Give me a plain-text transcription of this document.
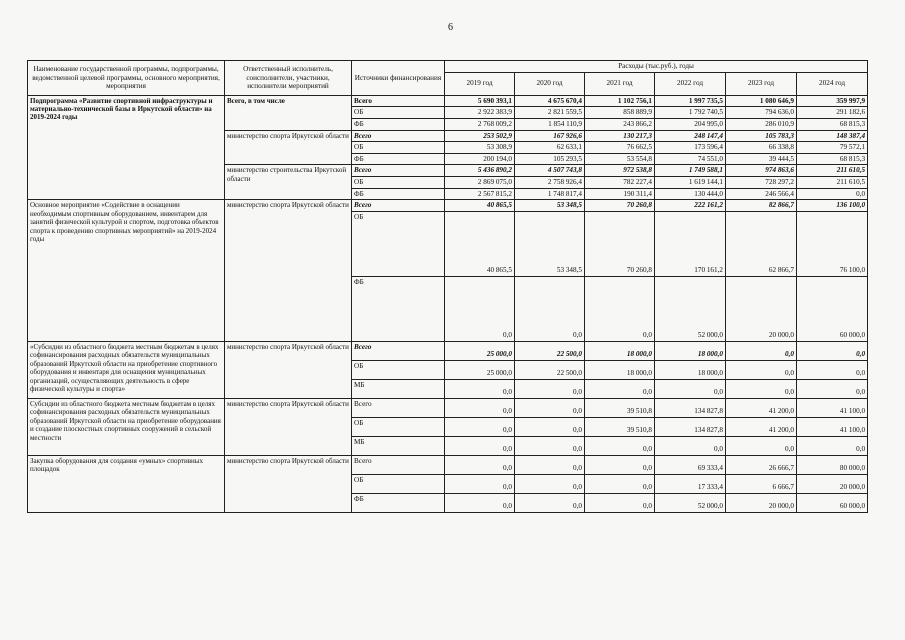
6
Наименование государственной программы, подпрограммы, ведомственной целевой программы, основного мероприятия, мероприятия	Ответственный исполнитель, соисполнители, участники, исполнители мероприятий	Источники финансирования	Расходы (тыс.руб.), годы					
			2019 год	2020 год	2021 год	2022 год	2023 год	2024 год
Подпрограмма «Развитие спортивной инфраструктуры и материально-технической базы в Иркутской области» на 2019-2024 годы	Всего, в том числе	Всего	5 690 393,1	4 675 670,4	1 102 756,1	1 997 735,5	1 080 646,9	359 997,9
		ОБ	2 922 383,9	2 821 559,5	858 889,9	1 792 740,5	794 636,0	291 182,6
		ФБ	2 768 009,2	1 854 110,9	243 866,2	204 995,0	286 010,9	68 815,3
	министерство спорта Иркутской области	Всего	253 502,9	167 926,6	130 217,3	248 147,4	105 783,3	148 387,4
		ОБ	53 308,9	62 633,1	76 662,5	173 596,4	66 338,8	79 572,1
		ФБ	200 194,0	105 293,5	53 554,8	74 551,0	39 444,5	68 815,3
	министерство строительства Иркутской области	Всего	5 436 890,2	4 507 743,8	972 538,8	1 749 588,1	974 863,6	211 610,5
		ОБ	2 869 075,0	2 758 926,4	782 227,4	1 619 144,1	728 297,2	211 610,5
		ФБ	2 567 815,2	1 748 817,4	190 311,4	130 444,0	246 566,4	0,0
Основное мероприятие «Содействие в оснащении необходимым спортивным оборудованием, инвентарем для занятий физической культурой и спортом, подготовка объектов спорта к проведению спортивных мероприятий» на 2019-2024 годы	министерство спорта Иркутской области	Всего	40 865,5	53 348,5	70 260,8	222 161,2	82 866,7	136 100,0
		ОБ	40 865,5	53 348,5	70 260,8	170 161,2	62 866,7	76 100,0
		ФБ	0,0	0,0	0,0	52 000,0	20 000,0	60 000,0
«Субсидии из областного бюджета местным бюджетам в целях софинансирования расходных обязательств муниципальных образований Иркутской области на приобретение спортивного оборудования и инвентаря для оснащения муниципальных организаций, осуществляющих деятельность в сфере физической культуры и спорта»	министерство спорта Иркутской области	Всего	25 000,0	22 500,0	18 000,0	18 000,0	0,0	0,0
		ОБ	25 000,0	22 500,0	18 000,0	18 000,0	0,0	0,0
		МБ	0,0	0,0	0,0	0,0	0,0	0,0
Субсидии из областного бюджета местным бюджетам в целях софинансирования расходных обязательств муниципальных образований Иркутской области на приобретение оборудования и создание плоскостных спортивных сооружений в сельской местности	министерство спорта Иркутской области	Всего	0,0	0,0	39 510,8	134 827,8	41 200,0	41 100,0
		ОБ	0,0	0,0	39 510,8	134 827,8	41 200,0	41 100,0
		МБ	0,0	0,0	0,0	0,0	0,0	0,0
Закупка оборудования для создания «умных» спортивных площадок	министерство спорта Иркутской области	Всего	0,0	0,0	0,0	69 333,4	26 666,7	80 000,0
		ОБ	0,0	0,0	0,0	17 333,4	6 666,7	20 000,0
		ФБ	0,0	0,0	0,0	52 000,0	20 000,0	60 000,0
